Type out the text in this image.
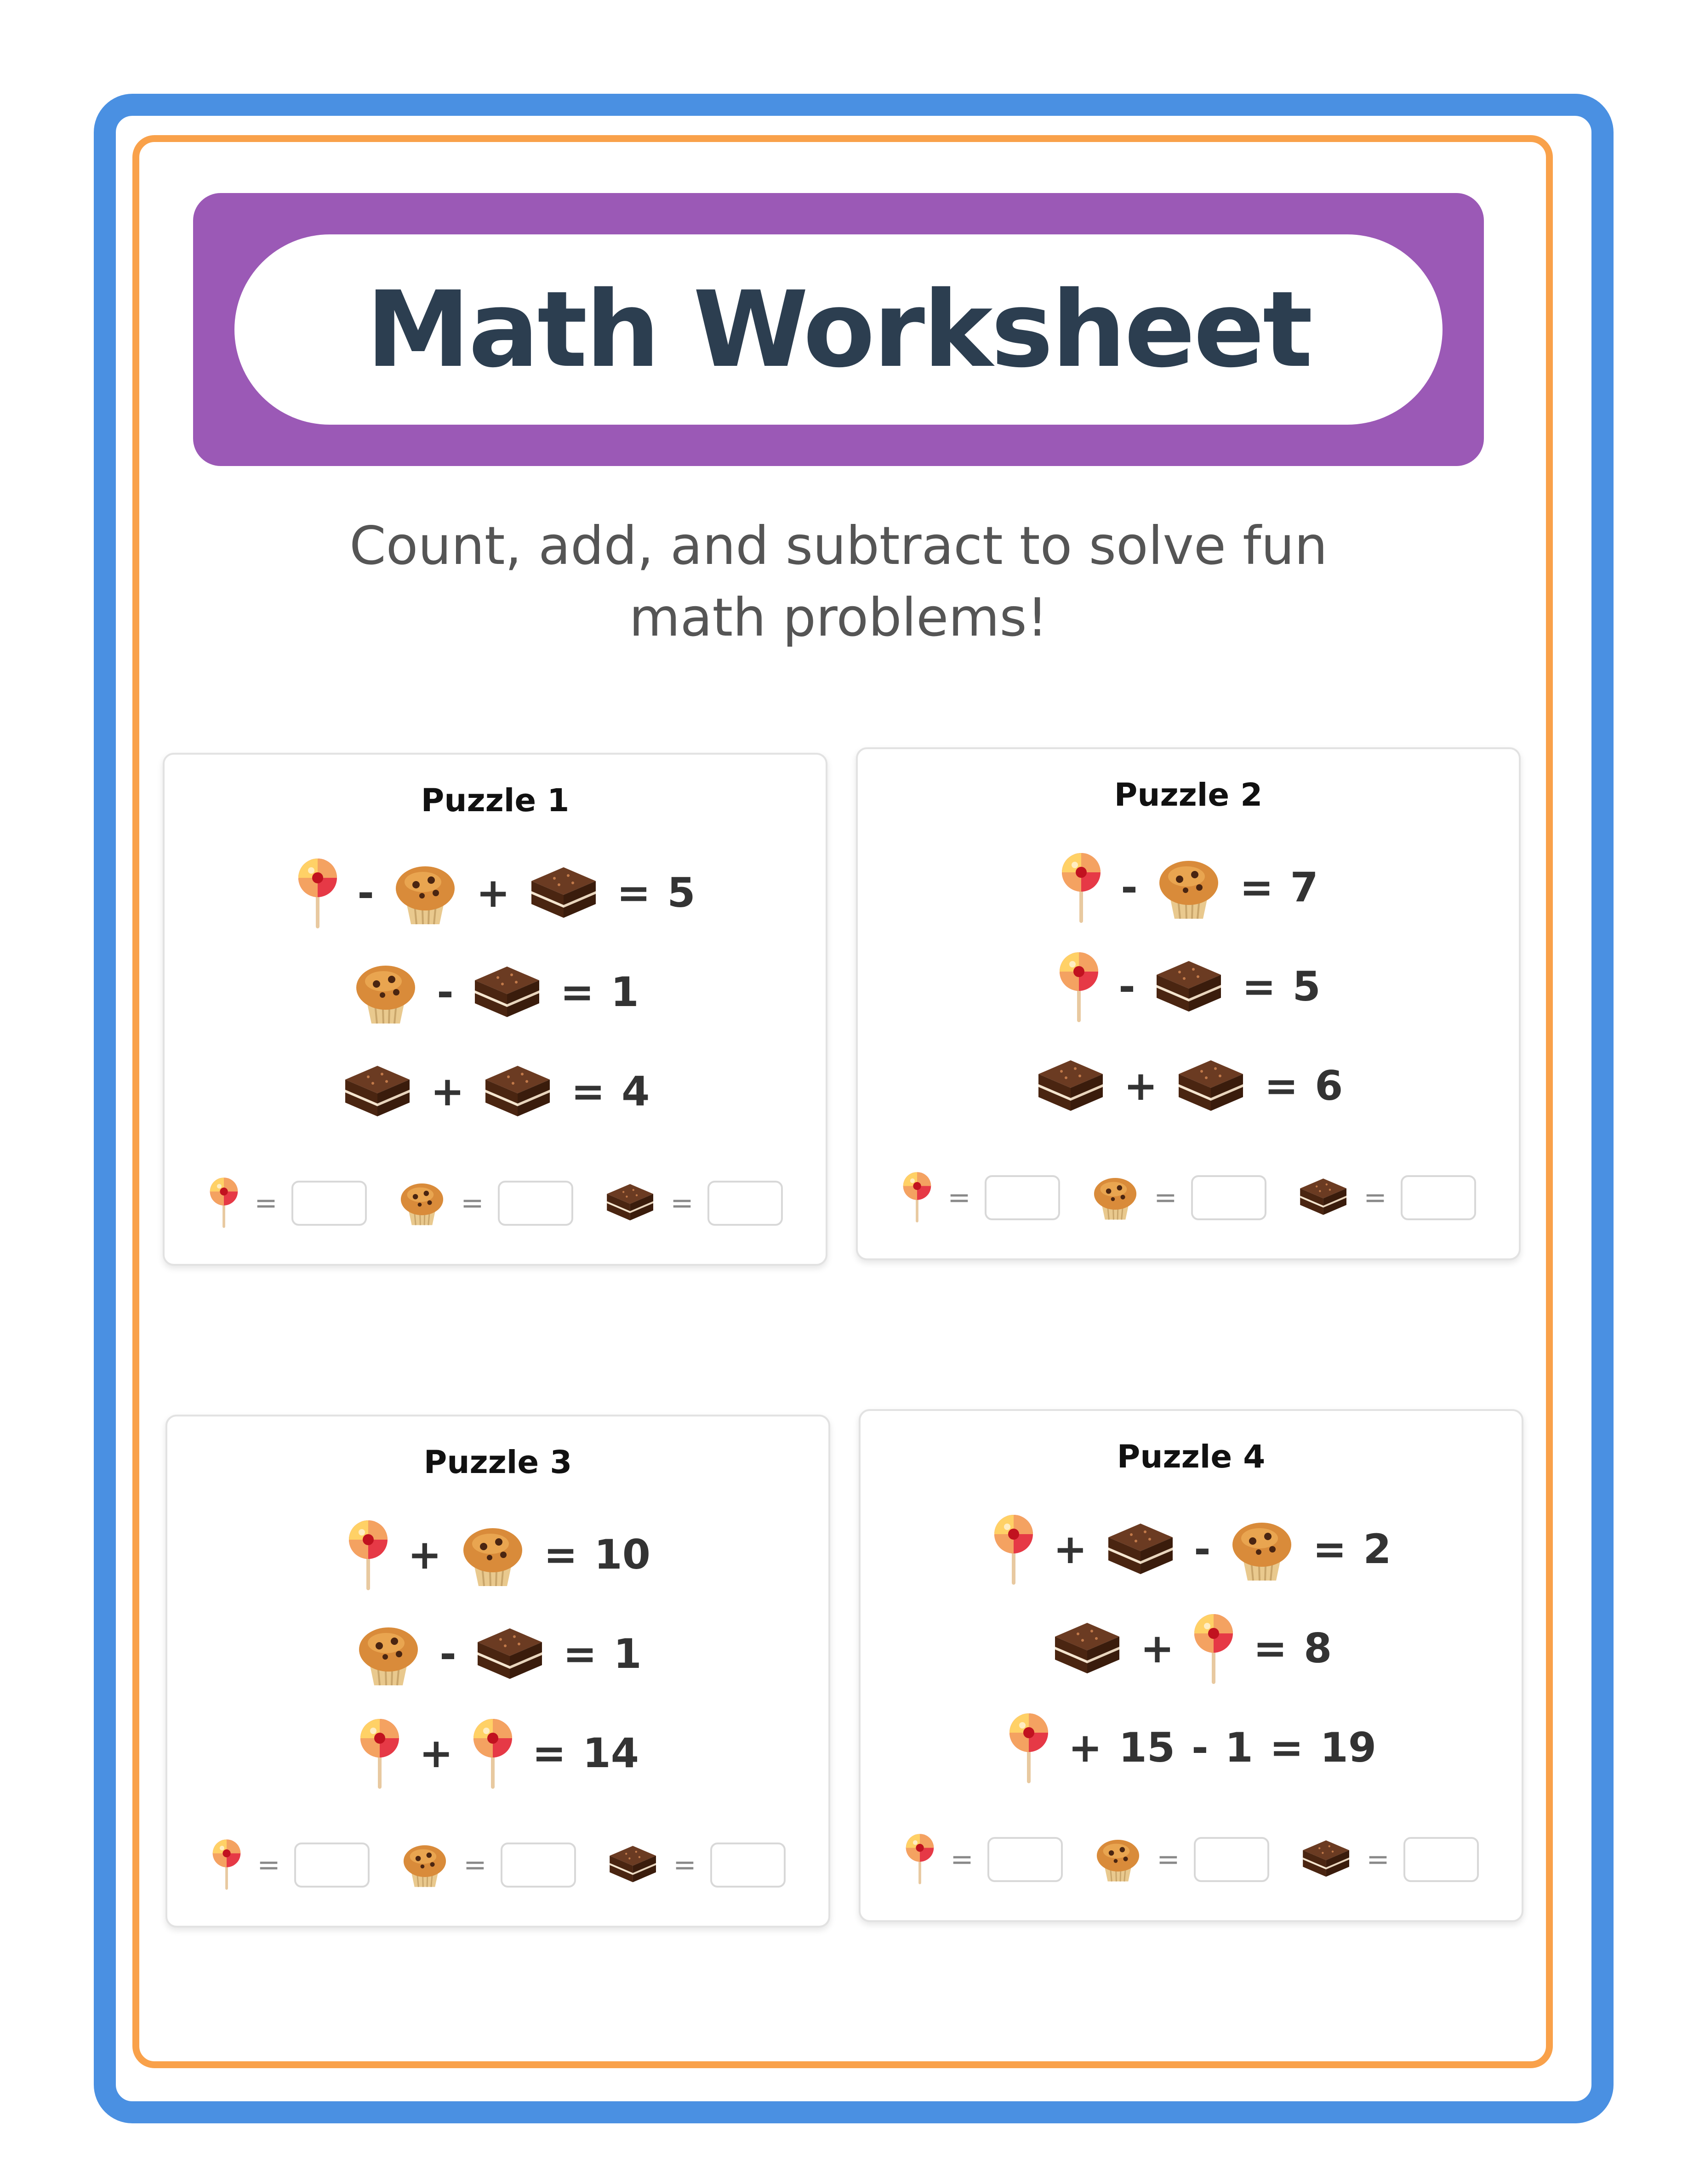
Math Worksheet
Count, add, and subtract to solve fun math problems!
Puzzle 1
-	+	= 5
-	= 1
+	= 4
=	=	=
Puzzle 2
-	= 7
-	= 5
+	= 6
=	=	=
Puzzle 3
+	= 10
-	= 1
+ = 14
=	=	=
Puzzle 4
+	-	= 2
+ = 8
+ 15 - 1 = 19
=	=	=
